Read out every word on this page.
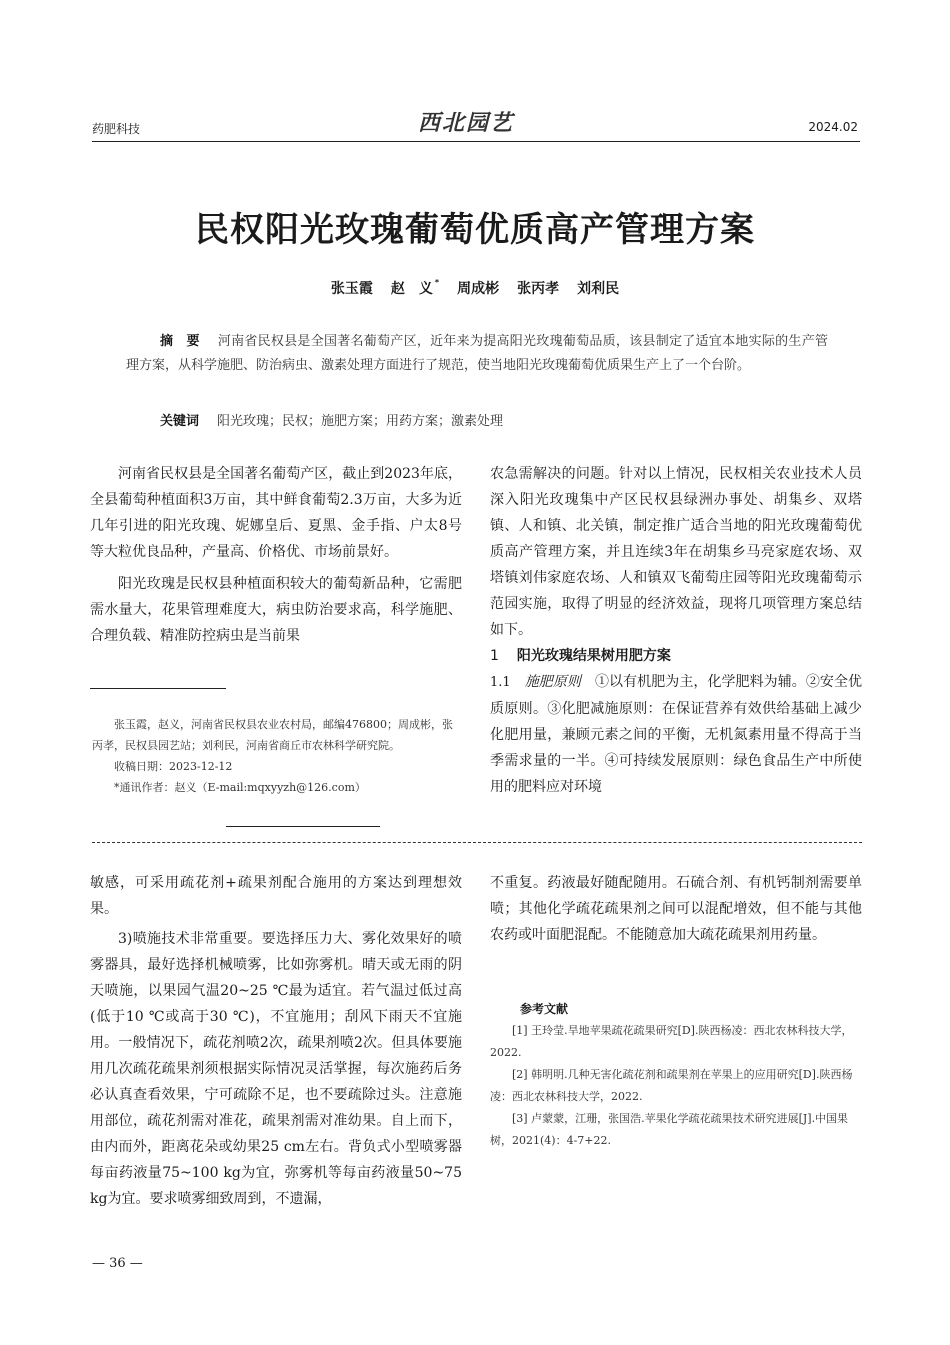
药肥科技	西北园艺	2024.02
民权阳光玫瑰葡萄优质高产管理方案
张玉霞 赵　义 * 周成彬 张丙孝 刘利民
摘　要 河南省民权县是全国著名葡萄产区，近年来为提高阳光玫瑰葡萄品质，该县制定了适宜本地实际的生产管理方案，从科学施肥、防治病虫、激素处理方面进行了规范，使当地阳光玫瑰葡萄优质果生产上了一个台阶。
关键词 阳光玫瑰；民权；施肥方案；用药方案；激素处理

河南省民权县是全国著名葡萄产区，截止到2023年底，全县葡萄种植面积3万亩，其中鲜食葡萄2.3万亩，大多为近几年引进的阳光玫瑰、妮娜皇后、夏黑、金手指、户太8号等大粒优良品种，产量高、价格优、市场前景好。

阳光玫瑰是民权县种植面积较大的葡萄新品种，它需肥需水量大，花果管理难度大，病虫防治要求高，科学施肥、合理负载、精准防控病虫是当前果

农急需解决的问题。针对以上情况，民权相关农业技术人员深入阳光玫瑰集中产区民权县绿洲办事处、胡集乡、双塔镇、人和镇、北关镇，制定推广适合当地的阳光玫瑰葡萄优质高产管理方案，并且连续3年在胡集乡马亮家庭农场、双塔镇刘伟家庭农场、人和镇双飞葡萄庄园等阳光玫瑰葡萄示范园实施，取得了明显的经济效益，现将几项管理方案总结如下。

1 阳光玫瑰结果树用肥方案

1.1 施肥原则 ①以有机肥为主，化学肥料为辅。②安全优质原则。③化肥减施原则：在保证营养有效供给基础上减少化肥用量，兼顾元素之间的平衡，无机氮素用量不得高于当季需求量的一半。④可持续发展原则：绿色食品生产中所使用的肥料应对环境

张玉霞，赵义，河南省民权县农业农村局，邮编476800；周成彬，张丙孝，民权县园艺站；刘利民，河南省商丘市农林科学研究院。

收稿日期：2023-12-12

*通讯作者：赵义（E-mail:mqxyyzh@126.com）

敏感，可采用疏花剂+疏果剂配合施用的方案达到理想效果。

3)喷施技术非常重要。要选择压力大、雾化效果好的喷雾器具，最好选择机械喷雾，比如弥雾机。晴天或无雨的阴天喷施，以果园气温20~25 ℃最为适宜。若气温过低过高(低于10 ℃或高于30 ℃)，不宜施用；刮风下雨天不宜施用。一般情况下，疏花剂喷2次，疏果剂喷2次。但具体要施用几次疏花疏果剂须根据实际情况灵活掌握，每次施药后务必认真查看效果，宁可疏除不足，也不要疏除过头。注意施用部位，疏花剂需对准花，疏果剂需对准幼果。自上而下，由内而外，距离花朵或幼果25 cm左右。背负式小型喷雾器每亩药液量75~100 kg为宜，弥雾机等每亩药液量50~75 kg为宜。要求喷雾细致周到，不遗漏，

不重复。药液最好随配随用。石硫合剂、有机钙制剂需要单喷；其他化学疏花疏果剂之间可以混配增效，但不能与其他农药或叶面肥混配。不能随意加大疏花疏果剂用药量。

参考文献

[1] 王玲莹.旱地苹果疏花疏果研究[D].陕西杨凌：西北农林科技大学，2022.

[2] 韩明明.几种无害化疏花剂和疏果剂在苹果上的应用研究[D].陕西杨凌：西北农林科技大学，2022.

[3] 卢蒙蒙，江珊，张国浩.苹果化学疏花疏果技术研究进展[J].中国果树，2021(4)：4-7+22.

— 36 —
